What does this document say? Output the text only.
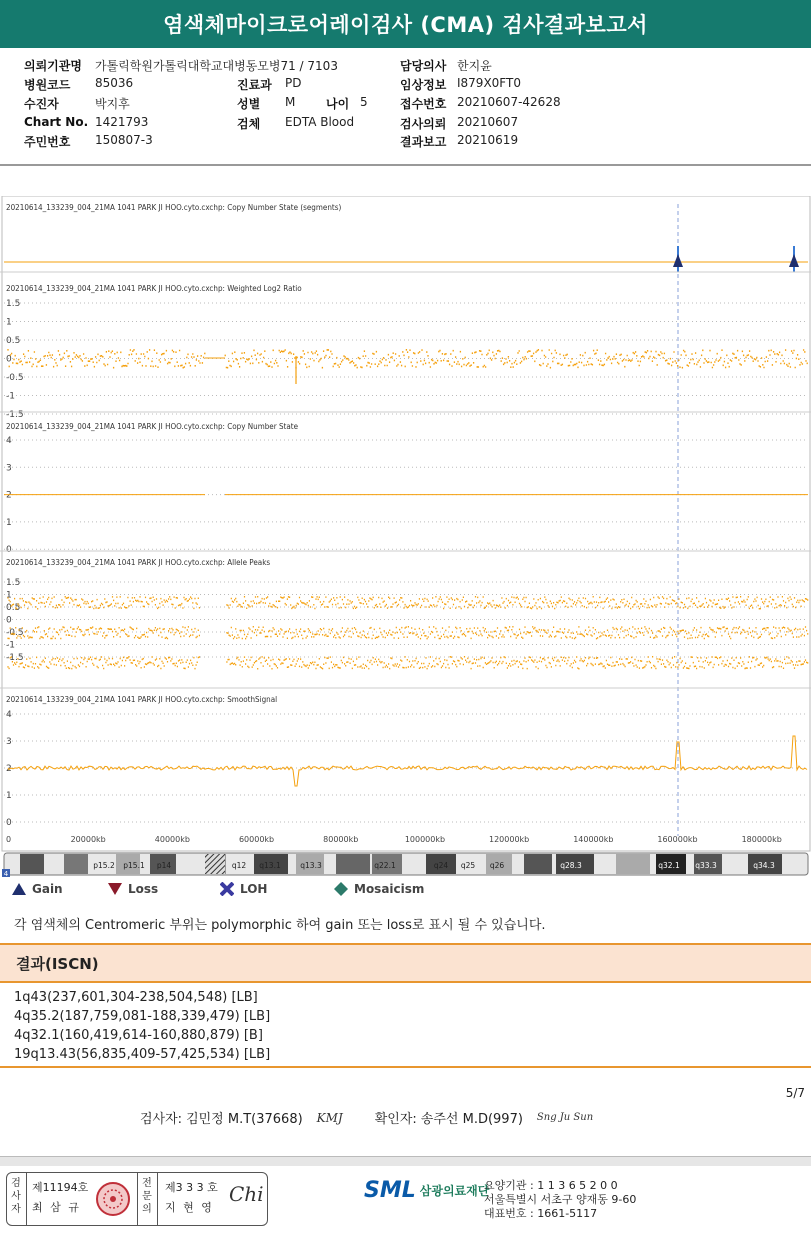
염색체마이크로어레이검사 (CMA) 검사결과보고서
의뢰기관명 가톨릭학원가톨릭대학교대병동모병71 / 7103
병원코드 85036
수진자	박지후
Chart No. 1421793
주민번호 150807-3
진료과 PD
성별 M	나이 5
검체 EDTA Blood
담당의사 한지윤
임상정보 I879X0FT0
접수번호 20210607-42628
검사의뢰 20210607
결과보고 20210619
1.5
1
0.5
0
-0.5
-1
-1.5
4
3
2
1
0
1.5
1
0.5
0
-0.5
-1
-1.5
4
3
2
1
0
0	20000kb	40000kb	60000kb	80000kb	100000kb	120000kb	140000kb	160000kb	180000kb
p15.2 p15.1 p14	q12 q13.1	q13.3	q22.1	q24 q25 q26	q28.3	q32.1 q33.3	q34.3
4
20210614_133239_004_21MA 1041 PARK JI HOO.cyto.cxchp: Copy Number State (segments)
20210614_133239_004_21MA 1041 PARK JI HOO.cyto.cxchp: Weighted Log2 Ratio
20210614_133239_004_21MA 1041 PARK JI HOO.cyto.cxchp: Copy Number State
20210614_133239_004_21MA 1041 PARK JI HOO.cyto.cxchp: Allele Peaks
20210614_133239_004_21MA 1041 PARK JI HOO.cyto.cxchp: SmoothSignal
Gain	Loss	LOH	Mosaicism
각 염색체의 Centromeric 부위는 polymorphic 하여 gain 또는 loss로 표시 될 수 있습니다.
결과(ISCN)
1q43(237,601,304-238,504,548) [LB]
4q35.2(187,759,081-188,339,479) [LB]
4q32.1(160,419,614-160,880,879) [B]
19q13.43(56,835,409-57,425,534) [LB]
5/7
검사자: 김민정 M.T(37668) KMJ 확인자: 송주선 M.D(997) Sng Ju Sun
검사자
제11194호
최 삼 규
전문의
제3 3 3 호
지 현 영
Chi	SML 삼광의료재단
요양기관 : 1 1 3 6 5 2 0 0
서울특별시 서초구 양재동 9-60
대표번호 : 1661-5117
